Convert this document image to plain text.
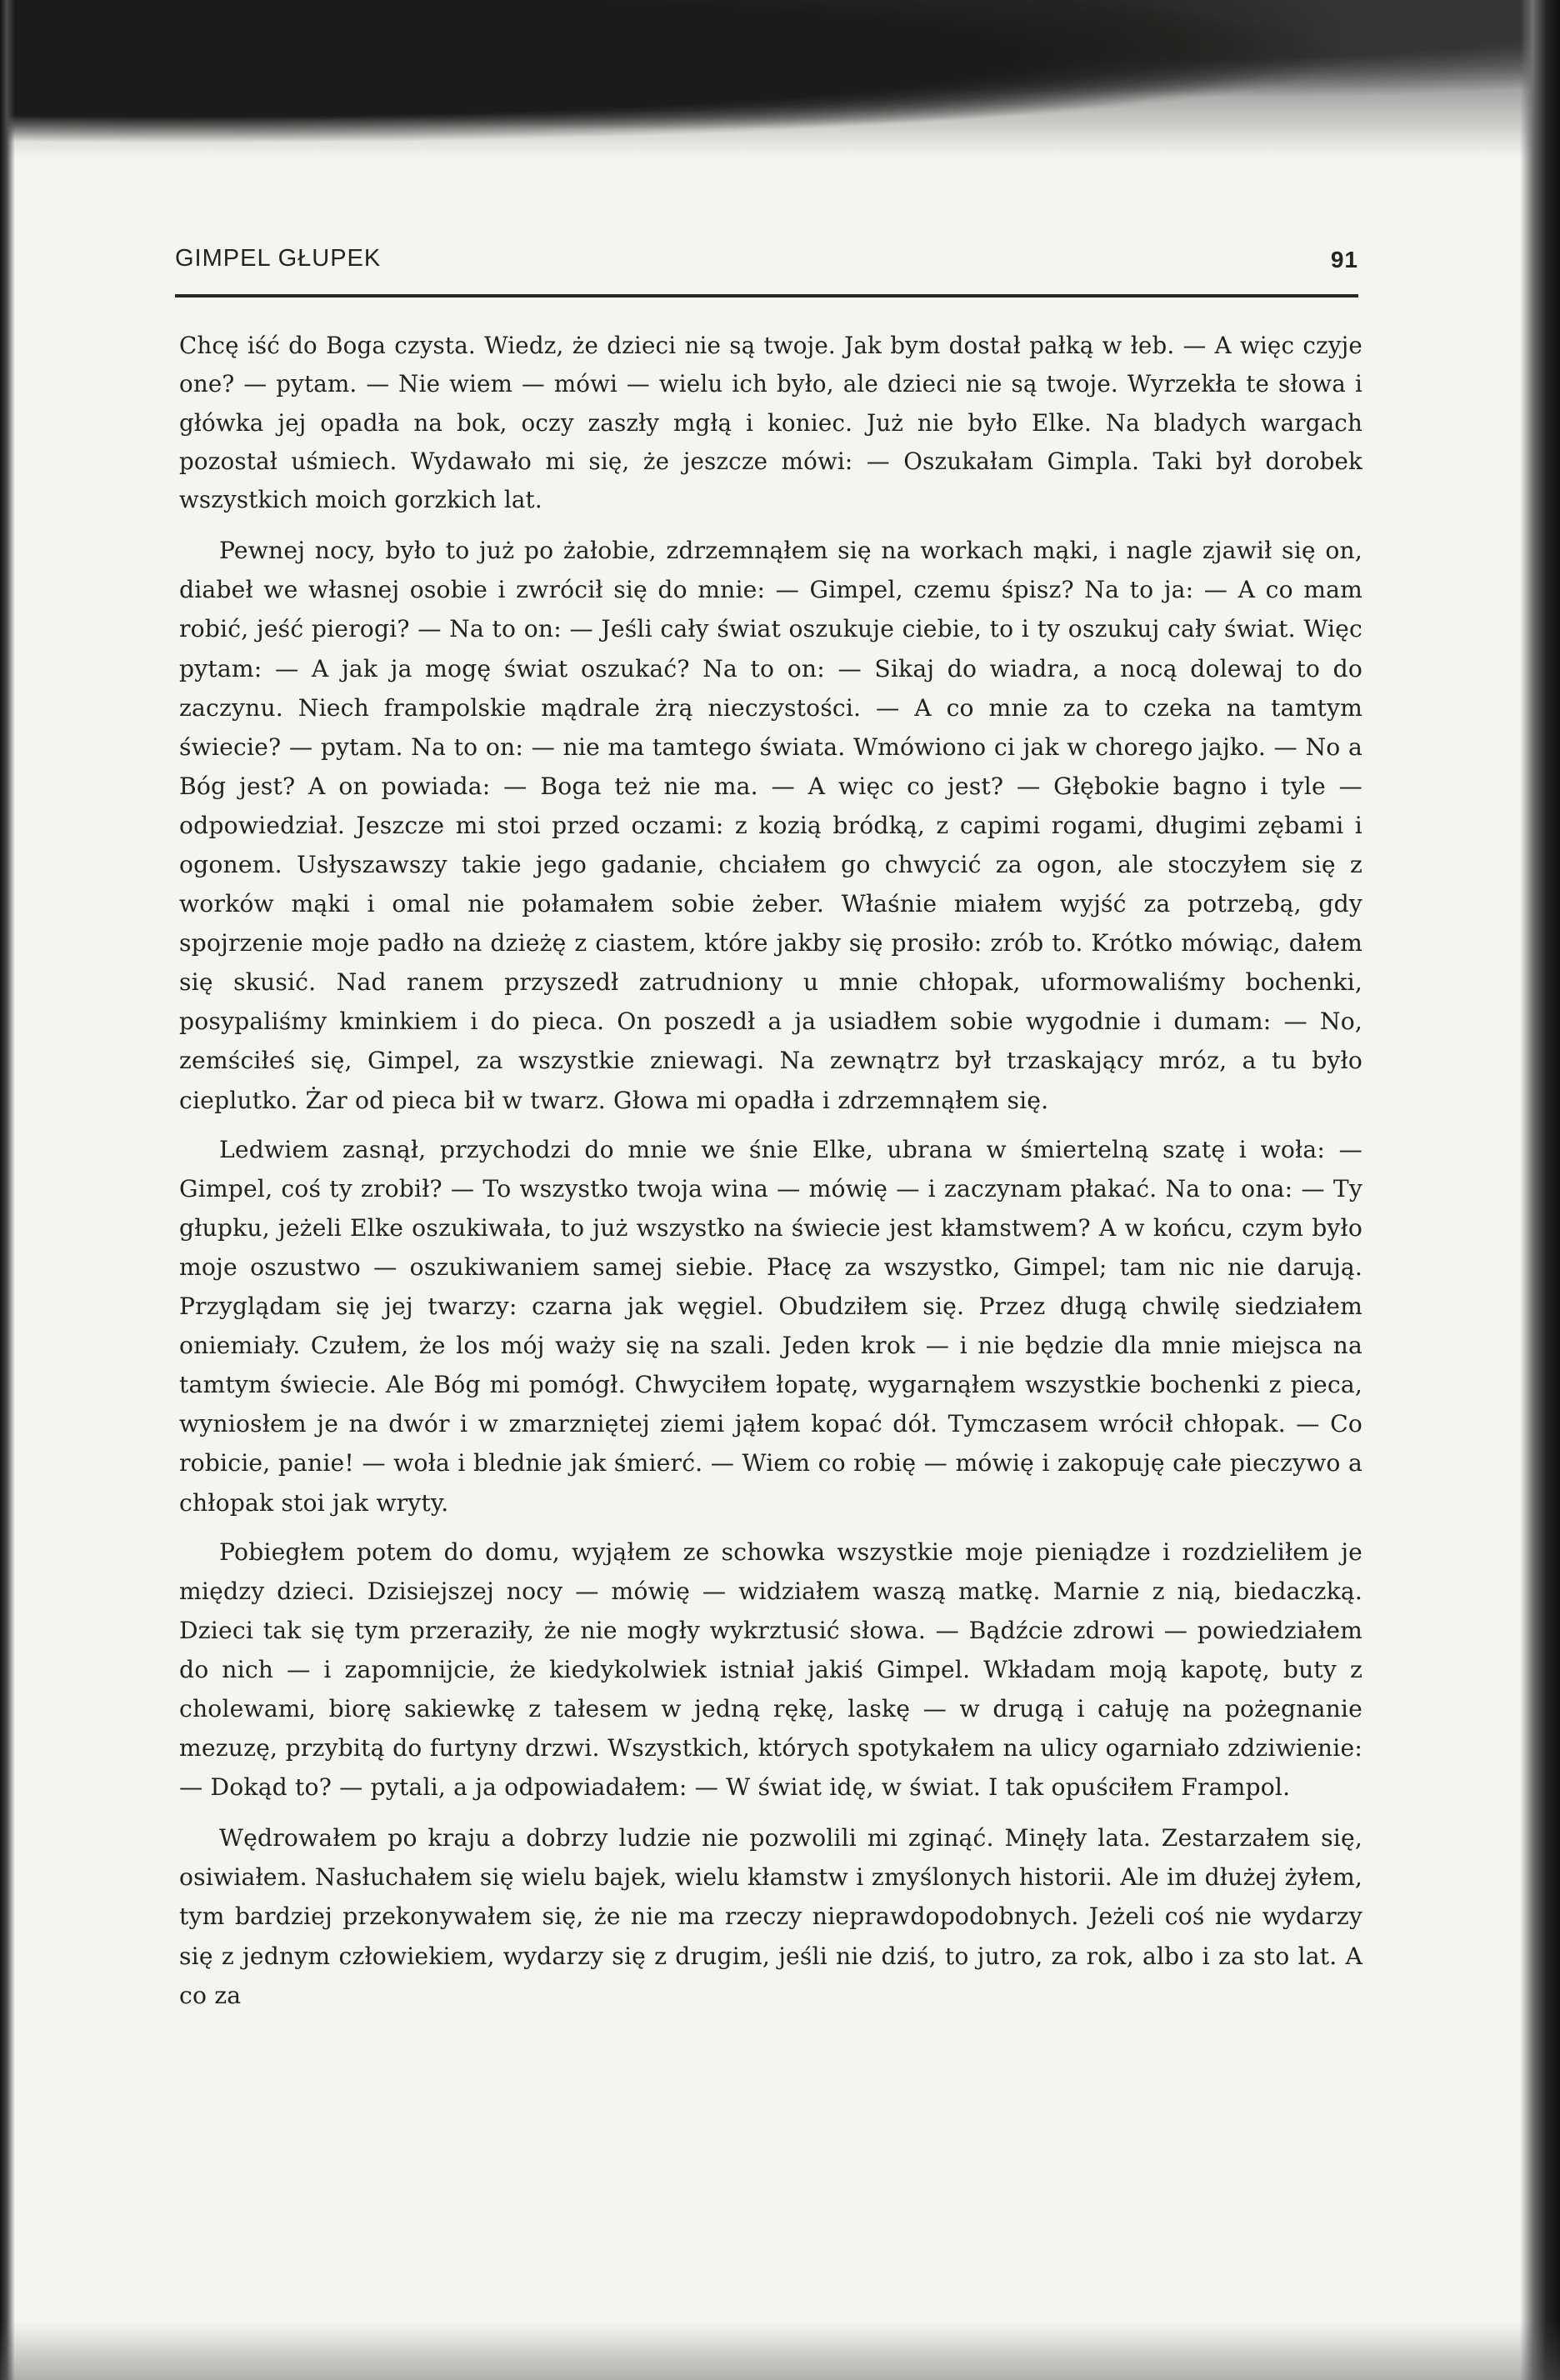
GIMPEL GŁUPEK	91

Chcę iść do Boga czysta. Wiedz, że dzieci nie są twoje. Jak bym dostał pałką w łeb. — A więc czyje one? — pytam. — Nie wiem — mówi — wielu ich było, ale dzieci nie są twoje. Wyrzekła te słowa i główka jej opadła na bok, oczy zaszły mgłą i koniec. Już nie było Elke. Na bladych wargach pozostał uśmiech. Wydawało mi się, że jeszcze mówi: — Oszukałam Gimpla. Taki był dorobek wszystkich moich gorzkich lat.

Pewnej nocy, było to już po żałobie, zdrzemnąłem się na workach mąki, i nagle zjawił się on, diabeł we własnej osobie i zwrócił się do mnie: — Gimpel, czemu śpisz? Na to ja: — A co mam robić, jeść pierogi? — Na to on: — Jeśli cały świat oszukuje ciebie, to i ty oszukuj cały świat. Więc pytam: — A jak ja mogę świat oszukać? Na to on: — Sikaj do wiadra, a nocą dolewaj to do zaczynu. Niech frampolskie mądrale żrą nieczystości. — A co mnie za to czeka na tamtym świecie? — pytam. Na to on: — nie ma tamtego świata. Wmówiono ci jak w chorego jajko. — No a Bóg jest? A on powiada: — Boga też nie ma. — A więc co jest? — Głębokie bagno i tyle — odpowiedział. Jeszcze mi stoi przed oczami: z kozią bródką, z capimi rogami, długimi zębami i ogonem. Usłyszawszy takie jego gadanie, chciałem go chwycić za ogon, ale stoczyłem się z worków mąki i omal nie połamałem sobie żeber. Właśnie miałem wyjść za potrzebą, gdy spojrzenie moje padło na dzieżę z ciastem, które jakby się prosiło: zrób to. Krótko mówiąc, dałem się skusić. Nad ranem przyszedł zatrudniony u mnie chłopak, uformowaliśmy bochenki, posypaliśmy kminkiem i do pieca. On poszedł a ja usiadłem sobie wygodnie i dumam: — No, zemściłeś się, Gimpel, za wszystkie zniewagi. Na zewnątrz był trzaskający mróz, a tu było cieplutko. Żar od pieca bił w twarz. Głowa mi opadła i zdrzemnąłem się.

Ledwiem zasnął, przychodzi do mnie we śnie Elke, ubrana w śmiertelną szatę i woła: — Gimpel, coś ty zrobił? — To wszystko twoja wina — mówię — i zaczynam płakać. Na to ona: — Ty głupku, jeżeli Elke oszukiwała, to już wszystko na świecie jest kłamstwem? A w końcu, czym było moje oszustwo — oszukiwaniem samej siebie. Płacę za wszystko, Gimpel; tam nic nie darują. Przyglądam się jej twarzy: czarna jak węgiel. Obudziłem się. Przez długą chwilę siedziałem oniemiały. Czułem, że los mój waży się na szali. Jeden krok — i nie będzie dla mnie miejsca na tamtym świecie. Ale Bóg mi pomógł. Chwyciłem łopatę, wygarnąłem wszystkie bochenki z pieca, wyniosłem je na dwór i w zmarzniętej ziemi jąłem kopać dół. Tymczasem wrócił chłopak. — Co robicie, panie! — woła i blednie jak śmierć. — Wiem co robię — mówię i zakopuję całe pieczywo a chłopak stoi jak wryty.

Pobiegłem potem do domu, wyjąłem ze schowka wszystkie moje pieniądze i rozdzieliłem je między dzieci. Dzisiejszej nocy — mówię — widziałem waszą matkę. Marnie z nią, biedaczką. Dzieci tak się tym przeraziły, że nie mogły wykrztusić słowa. — Bądźcie zdrowi — powiedziałem do nich — i zapomnijcie, że kiedykolwiek istniał jakiś Gimpel. Wkładam moją kapotę, buty z cholewami, biorę sakiewkę z tałesem w jedną rękę, laskę — w drugą i całuję na pożegnanie mezuzę, przybitą do furtyny drzwi. Wszystkich, których spotykałem na ulicy ogarniało zdziwienie: — Dokąd to? — pytali, a ja odpowiadałem: — W świat idę, w świat. I tak opuściłem Frampol.

Wędrowałem po kraju a dobrzy ludzie nie pozwolili mi zginąć. Minęły lata. Zestarzałem się, osiwiałem. Nasłuchałem się wielu bajek, wielu kłamstw i zmyślonych historii. Ale im dłużej żyłem, tym bardziej przekonywałem się, że nie ma rzeczy nieprawdopodobnych. Jeżeli coś nie wydarzy się z jednym człowiekiem, wydarzy się z drugim, jeśli nie dziś, to jutro, za rok, albo i za sto lat. A co za
